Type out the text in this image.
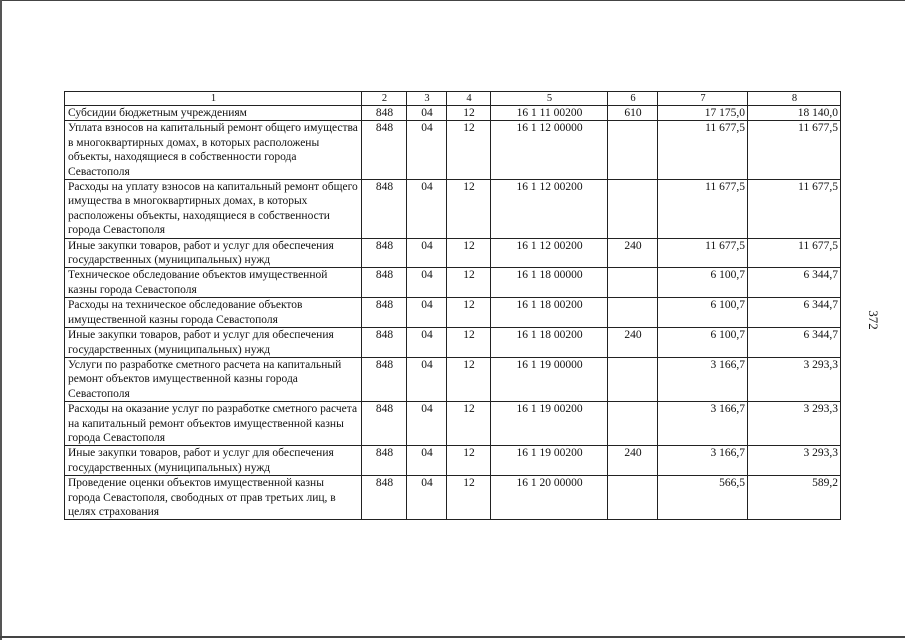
372
1	2	3	4	5	6	7	8
Субсидии бюджетным учреждениям	848	04	12	16 1 11 00200	610	17 175,0	18 140,0
Уплата взносов на капитальный ремонт общего имущества в многоквартирных домах, в которых расположены объекты, находящиеся в собственности города Севастополя	848	04	12	16 1 12 00000		11 677,5	11 677,5
Расходы на уплату взносов на капитальный ремонт общего имущества в многоквартирных домах, в которых расположены объекты, находящиеся в собственности города Севастополя	848	04	12	16 1 12 00200		11 677,5	11 677,5
Иные закупки товаров, работ и услуг для обеспечения государственных (муниципальных) нужд	848	04	12	16 1 12 00200	240	11 677,5	11 677,5
Техническое обследование объектов имущественной казны города Севастополя	848	04	12	16 1 18 00000		6 100,7	6 344,7
Расходы на техническое обследование объектов имущественной казны города Севастополя	848	04	12	16 1 18 00200		6 100,7	6 344,7
Иные закупки товаров, работ и услуг для обеспечения государственных (муниципальных) нужд	848	04	12	16 1 18 00200	240	6 100,7	6 344,7
Услуги по разработке сметного расчета на капитальный ремонт объектов имущественной казны города Севастополя	848	04	12	16 1 19 00000		3 166,7	3 293,3
Расходы на оказание услуг по разработке сметного расчета на капитальный ремонт объектов имущественной казны города Севастополя	848	04	12	16 1 19 00200		3 166,7	3 293,3
Иные закупки товаров, работ и услуг для обеспечения государственных (муниципальных) нужд	848	04	12	16 1 19 00200	240	3 166,7	3 293,3
Проведение оценки объектов имущественной казны города Севастополя, свободных от прав третьих лиц, в целях страхования	848	04	12	16 1 20 00000		566,5	589,2
